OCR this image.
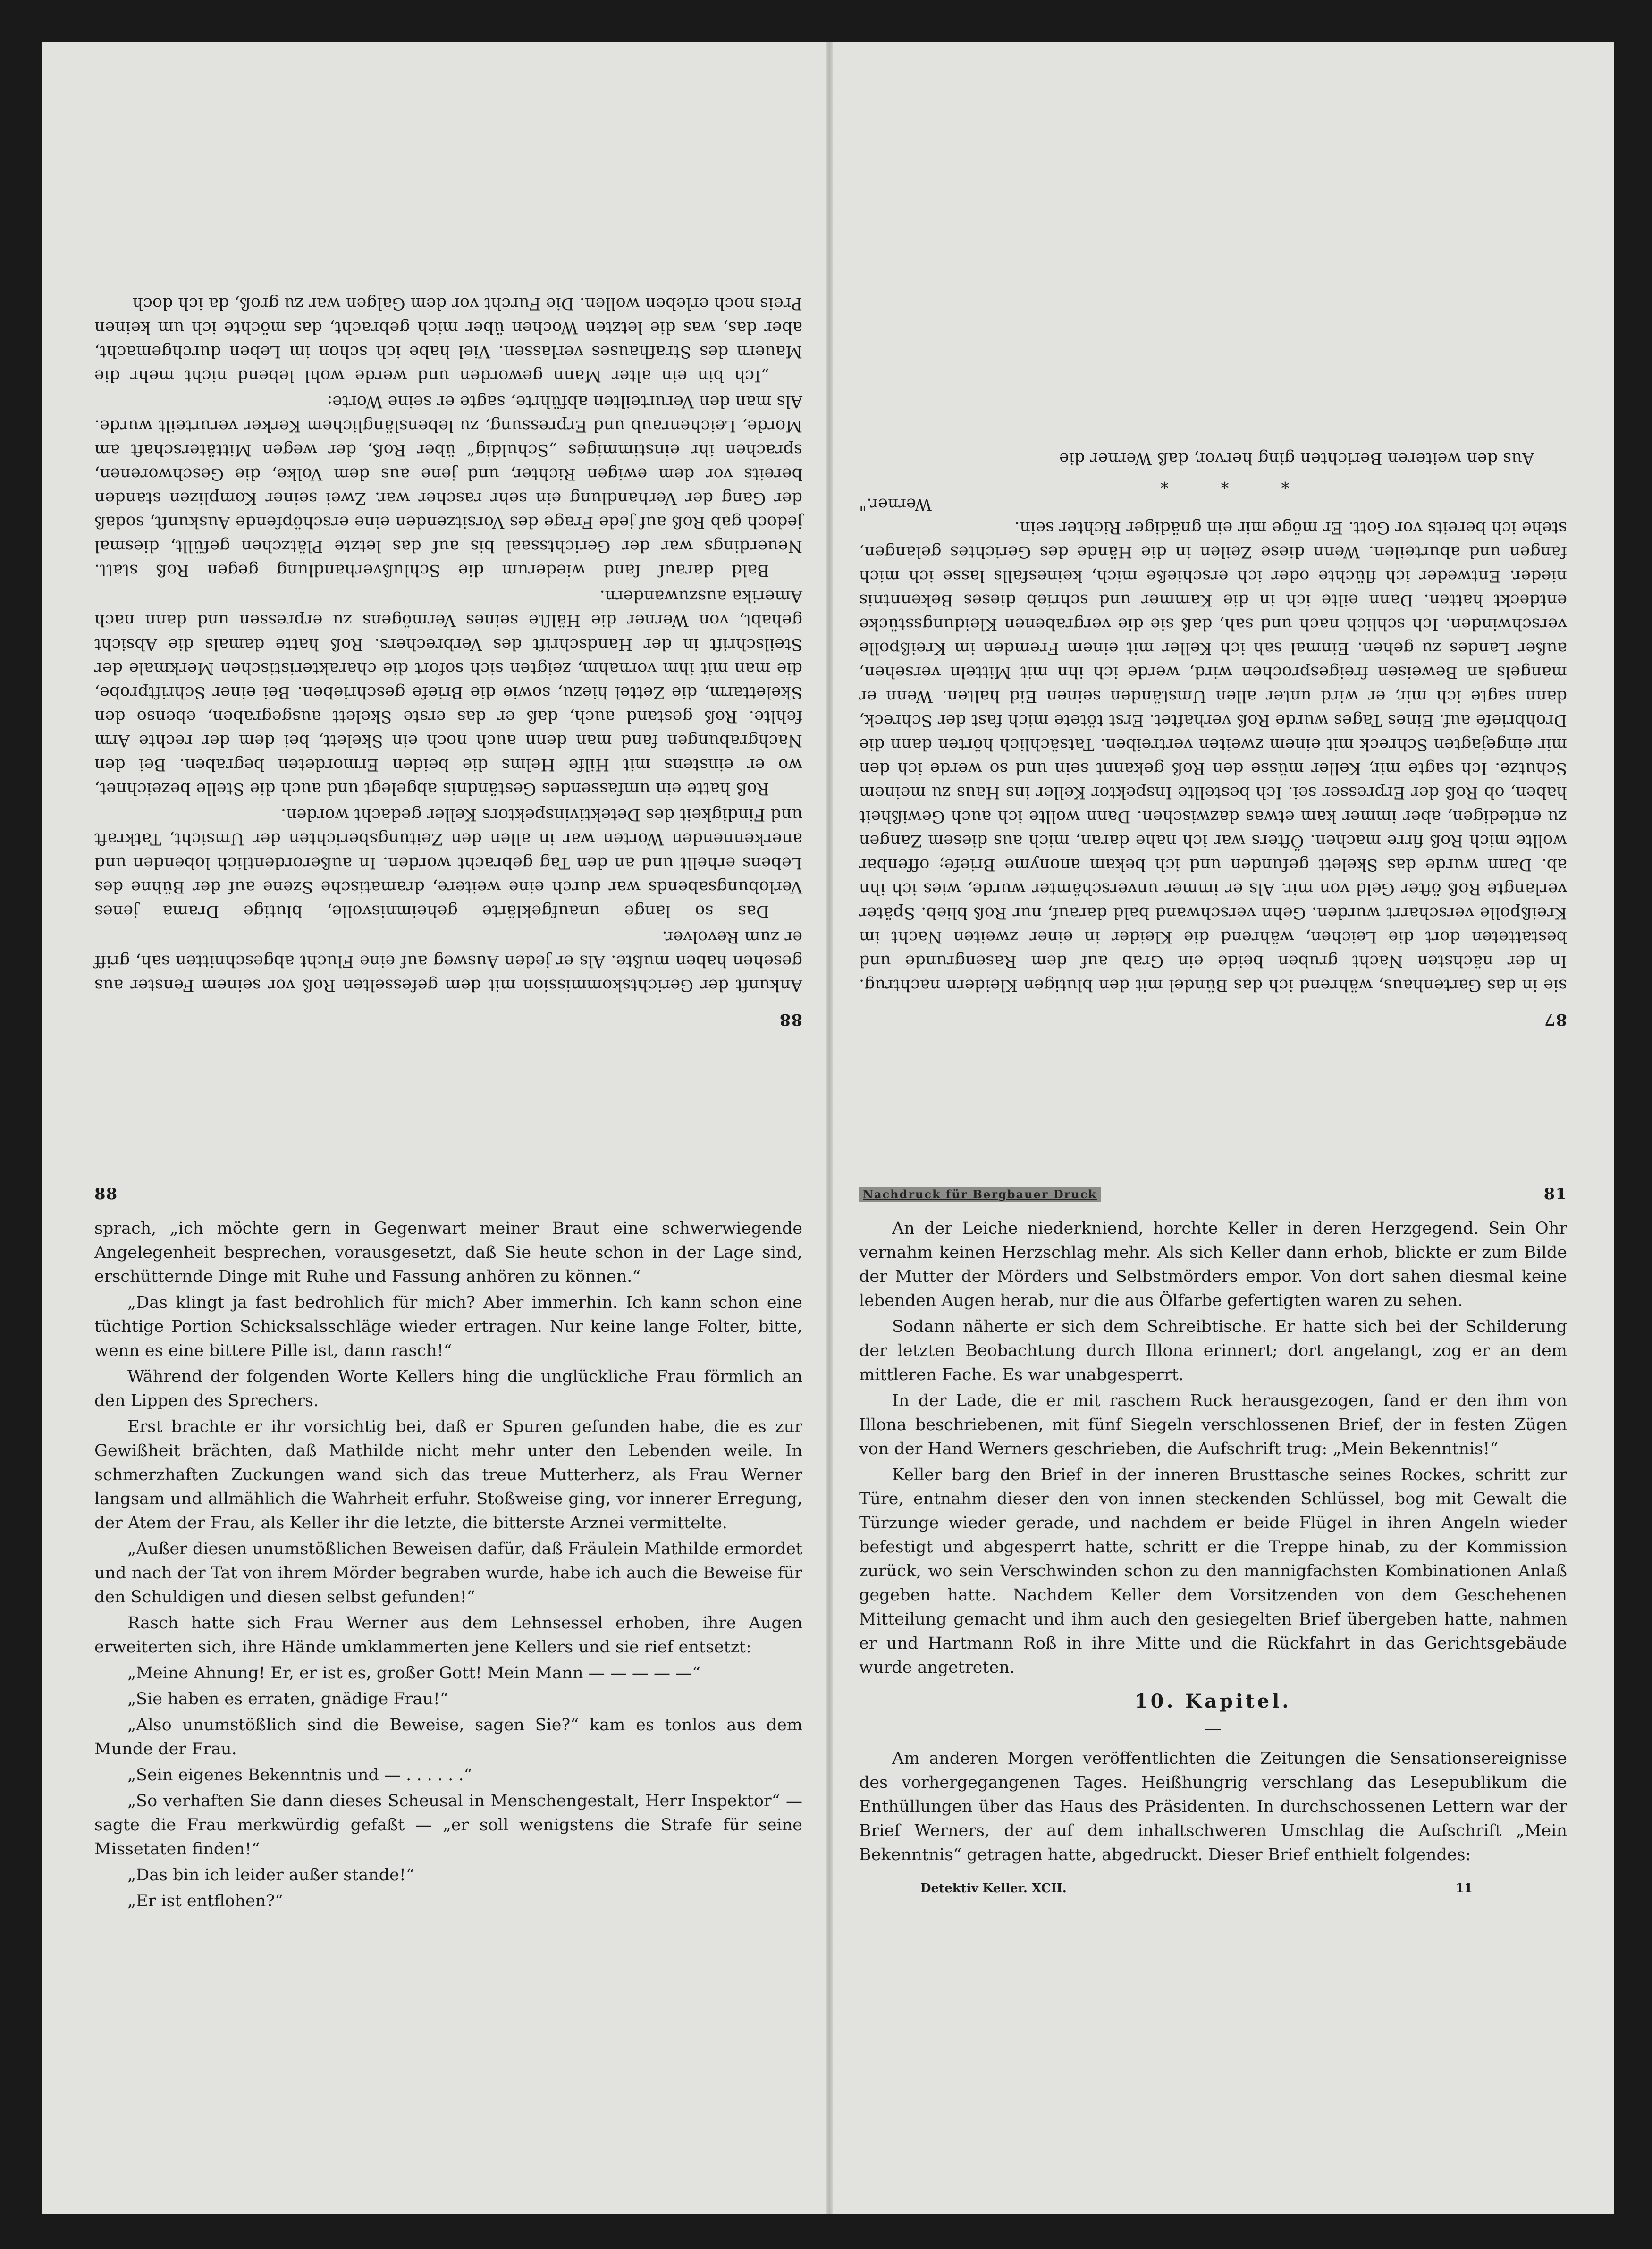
88

Ankunft der Gerichtskommission mit dem gefesselten Roß vor seinem Fenster aus gesehen haben mußte. Als er jeden Ausweg auf eine Flucht abgeschnitten sah, griff er zum Revolver.

Das so lange unaufgeklärte geheimnisvolle, blutige Drama jenes Verlobungsabends war durch eine weitere, dramatische Szene auf der Bühne des Lebens erhellt und an den Tag gebracht worden. In außerordentlich lobenden und anerkennenden Worten war in allen den Zeitungsberichten der Umsicht, Tatkraft und Findigkeit des Detektivinspektors Keller gedacht worden.

Roß hatte ein umfassendes Geständnis abgelegt und auch die Stelle bezeichnet, wo er einstens mit Hilfe Helms die beiden Ermordeten begraben. Bei den Nachgrabungen fand man denn auch noch ein Skelett, bei dem der rechte Arm fehlte. Roß gestand auch, daß er das erste Skelett ausgegraben, ebenso den Skelettarm, die Zettel hiezu, sowie die Briefe geschrieben. Bei einer Schriftprobe, die man mit ihm vornahm, zeigten sich sofort die charakteristischen Merkmale der Steilschrift in der Handschrift des Verbrechers. Roß hatte damals die Absicht gehabt, von Werner die Hälfte seines Vermögens zu erpressen und dann nach Amerika auszuwandern.

Bald darauf fand wiederum die Schlußverhandlung gegen Roß statt. Neuerdings war der Gerichtssaal bis auf das letzte Plätzchen gefüllt, diesmal jedoch gab Roß auf jede Frage des Vorsitzenden eine erschöpfende Auskunft, sodaß der Gang der Verhandlung ein sehr rascher war. Zwei seiner Komplizen standen bereits vor dem ewigen Richter, und jene aus dem Volke, die Geschworenen, sprachen ihr einstimmiges „Schuldig“ über Roß, der wegen Mittäterschaft am Morde, Leichenraub und Erpressung, zu lebenslänglichem Kerker verurteilt wurde. Als man den Verurteilten abführte, sagte er seine Worte:

„Ich bin ein alter Mann geworden und werde wohl lebend nicht mehr die Mauern des Strafhauses verlassen. Viel habe ich schon im Leben durchgemacht, aber das, was die letzten Wochen über mich gebracht, das möchte ich um keinen Preis noch erleben wollen. Die Furcht vor dem Galgen war zu groß, da ich doch

87

sie in das Gartenhaus, während ich das Bündel mit den blutigen Kleidern nachtrug. In der nächsten Nacht gruben beide ein Grab auf dem Rasengrunde und bestatteten dort die Leichen, während die Kleider in einer zweiten Nacht im Kreißpolle verscharrt wurden. Gehn verschwand bald darauf, nur Roß blieb. Später verlangte Roß öfter Geld von mir. Als er immer unverschämter wurde, wies ich ihn ab. Dann wurde das Skelett gefunden und ich bekam anonyme Briefe; offenbar wollte mich Roß firre machen. Öfters war ich nahe daran, mich aus diesem Zangen zu entledigen, aber immer kam etwas dazwischen. Dann wollte ich auch Gewißheit haben, ob Roß der Erpresser sei. Ich bestellte Inspektor Keller ins Haus zu meinem Schutze. Ich sagte mir, Keller müsse den Roß gekannt sein und so werde ich den mir eingejagten Schreck mit einem zweiten vertreiben. Tatsächlich hörten dann die Drohbriefe auf. Eines Tages wurde Roß verhaftet. Erst tötete mich fast der Schreck, dann sagte ich mir, er wird unter allen Umständen seinen Eid halten. Wenn er mangels an Beweisen freigesprochen wird, werde ich ihn mit Mitteln versehen, außer Landes zu gehen. Einmal sah ich Keller mit einem Fremden im Kreißpolle verschwinden. Ich schlich nach und sah, daß sie die vergrabenen Kleidungsstücke entdeckt hatten. Dann eilte ich in die Kammer und schrieb dieses Bekenntnis nieder. Entweder ich flüchte oder ich erschieße mich, keinesfalls lasse ich mich fangen und aburteilen. Wenn diese Zeilen in die Hände des Gerichtes gelangen, stehe ich bereits vor Gott. Er möge mir ein gnädiger Richter sein.

Werner."
* * *

Aus den weiteren Berichten ging hervor, daß Werner die

88

sprach, „ich möchte gern in Gegenwart meiner Braut eine schwerwiegende Angelegenheit besprechen, vorausgesetzt, daß Sie heute schon in der Lage sind, erschütternde Dinge mit Ruhe und Fassung anhören zu können.“

„Das klingt ja fast bedrohlich für mich? Aber immerhin. Ich kann schon eine tüchtige Portion Schicksalsschläge wieder ertragen. Nur keine lange Folter, bitte, wenn es eine bittere Pille ist, dann rasch!“

Während der folgenden Worte Kellers hing die unglückliche Frau förmlich an den Lippen des Sprechers.

Erst brachte er ihr vorsichtig bei, daß er Spuren gefunden habe, die es zur Gewißheit brächten, daß Mathilde nicht mehr unter den Lebenden weile. In schmerzhaften Zuckungen wand sich das treue Mutterherz, als Frau Werner langsam und allmählich die Wahrheit erfuhr. Stoßweise ging, vor innerer Erregung, der Atem der Frau, als Keller ihr die letzte, die bitterste Arznei vermittelte.

„Außer diesen unumstößlichen Beweisen dafür, daß Fräulein Mathilde ermordet und nach der Tat von ihrem Mörder begraben wurde, habe ich auch die Beweise für den Schuldigen und diesen selbst gefunden!“

Rasch hatte sich Frau Werner aus dem Lehnsessel erhoben, ihre Augen erweiterten sich, ihre Hände umklammerten jene Kellers und sie rief entsetzt:

„Meine Ahnung! Er, er ist es, großer Gott! Mein Mann — — — — —“

„Sie haben es erraten, gnädige Frau!“

„Also unumstößlich sind die Beweise, sagen Sie?“ kam es tonlos aus dem Munde der Frau.

„Sein eigenes Bekenntnis und — . . . . . .“

„So verhaften Sie dann dieses Scheusal in Menschengestalt, Herr Inspektor“ — sagte die Frau merkwürdig gefaßt — „er soll wenigstens die Strafe für seine Missetaten finden!“

„Das bin ich leider außer stande!“

„Er ist entflohen?“

Nachdruck für Bergbauer Druck	81

An der Leiche niederkniend, horchte Keller in deren Herzgegend. Sein Ohr vernahm keinen Herzschlag mehr. Als sich Keller dann erhob, blickte er zum Bilde der Mutter der Mörders und Selbstmörders empor. Von dort sahen diesmal keine lebenden Augen herab, nur die aus Ölfarbe gefertigten waren zu sehen.

Sodann näherte er sich dem Schreibtische. Er hatte sich bei der Schilderung der letzten Beobachtung durch Illona erinnert; dort angelangt, zog er an dem mittleren Fache. Es war unabgesperrt.

In der Lade, die er mit raschem Ruck herausgezogen, fand er den ihm von Illona beschriebenen, mit fünf Siegeln verschlossenen Brief, der in festen Zügen von der Hand Werners geschrieben, die Aufschrift trug: „Mein Bekenntnis!“

Keller barg den Brief in der inneren Brusttasche seines Rockes, schritt zur Türe, entnahm dieser den von innen steckenden Schlüssel, bog mit Gewalt die Türzunge wieder gerade, und nachdem er beide Flügel in ihren Angeln wieder befestigt und abgesperrt hatte, schritt er die Treppe hinab, zu der Kommission zurück, wo sein Verschwinden schon zu den mannigfachsten Kombinationen Anlaß gegeben hatte. Nachdem Keller dem Vorsitzenden von dem Geschehenen Mitteilung gemacht und ihm auch den gesiegelten Brief übergeben hatte, nahmen er und Hartmann Roß in ihre Mitte und die Rückfahrt in das Gerichtsgebäude wurde angetreten.

10. Kapitel.
—

Am anderen Morgen veröffentlichten die Zeitungen die Sensationsereignisse des vorhergegangenen Tages. Heißhungrig verschlang das Lesepublikum die Enthüllungen über das Haus des Präsidenten. In durchschossenen Lettern war der Brief Werners, der auf dem inhaltschweren Umschlag die Aufschrift „Mein Bekenntnis“ getragen hatte, abgedruckt. Dieser Brief enthielt folgendes:

Detektiv Keller. XCII.	11
